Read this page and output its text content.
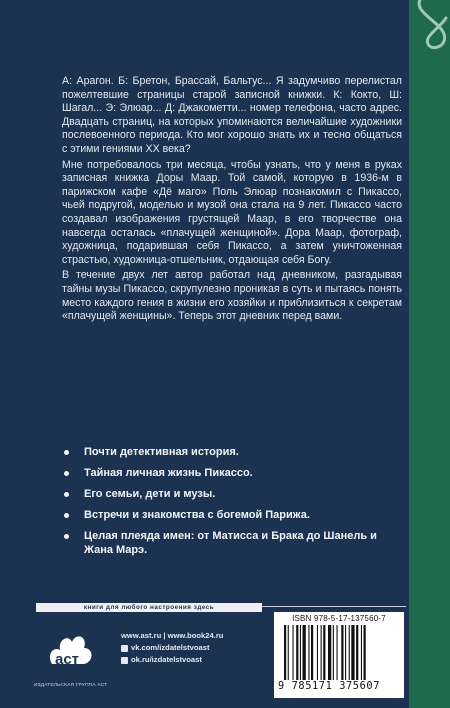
А: Арагон. Б: Бретон, Брассай, Бальтус... Я задумчиво перелистал пожелтевшие страницы старой записной книжки. К: Кокто, Ш: Шагал... Э: Элюар... Д: Джакометти... номер телефона, часто адрес. Двадцать страниц, на которых упоминаются величайшие художники послевоенного периода. Кто мог хорошо знать их и тесно общаться с этими гениями XX века?

Мне потребовалось три месяца, чтобы узнать, что у меня в руках записная книжка Доры Маар. Той самой, которую в 1936-м в парижском кафе «Дё маго» Поль Элюар познакомил с Пикассо, чьей подругой, моделью и музой она стала на 9 лет. Пикассо часто создавал изображения грустящей Маар, в его творчестве она навсегда осталась «плачущей женщиной». Дора Маар, фотограф, художница, подарившая себя Пикассо, а затем уничтоженная страстью, художница-отшельник, отдающая себя Богу.

В течение двух лет автор работал над дневником, разгадывая тайны музы Пикассо, скрупулезно проникая в суть и пытаясь понять место каждого гения в жизни его хозяйки и приблизиться к секретам «плачущей женщины». Теперь этот дневник перед вами.

Почти детективная история.
Тайная личная жизнь Пикассо.
Его семьи, дети и музы.
Встречи и знакомства с богемой Парижа.
Целая плеяда имен: от Матисса и Брака до Шанель и Жана Марэ.
книги для любого настроения здесь
аст
ИЗДАТЕЛЬСКАЯ ГРУППА АСТ
www.ast.ru | www.book24.ru
vk.com/izdatelstvoast
ok.ru/izdatelstvoast
ISBN 978-5-17-137560-7
9 785171 375607
